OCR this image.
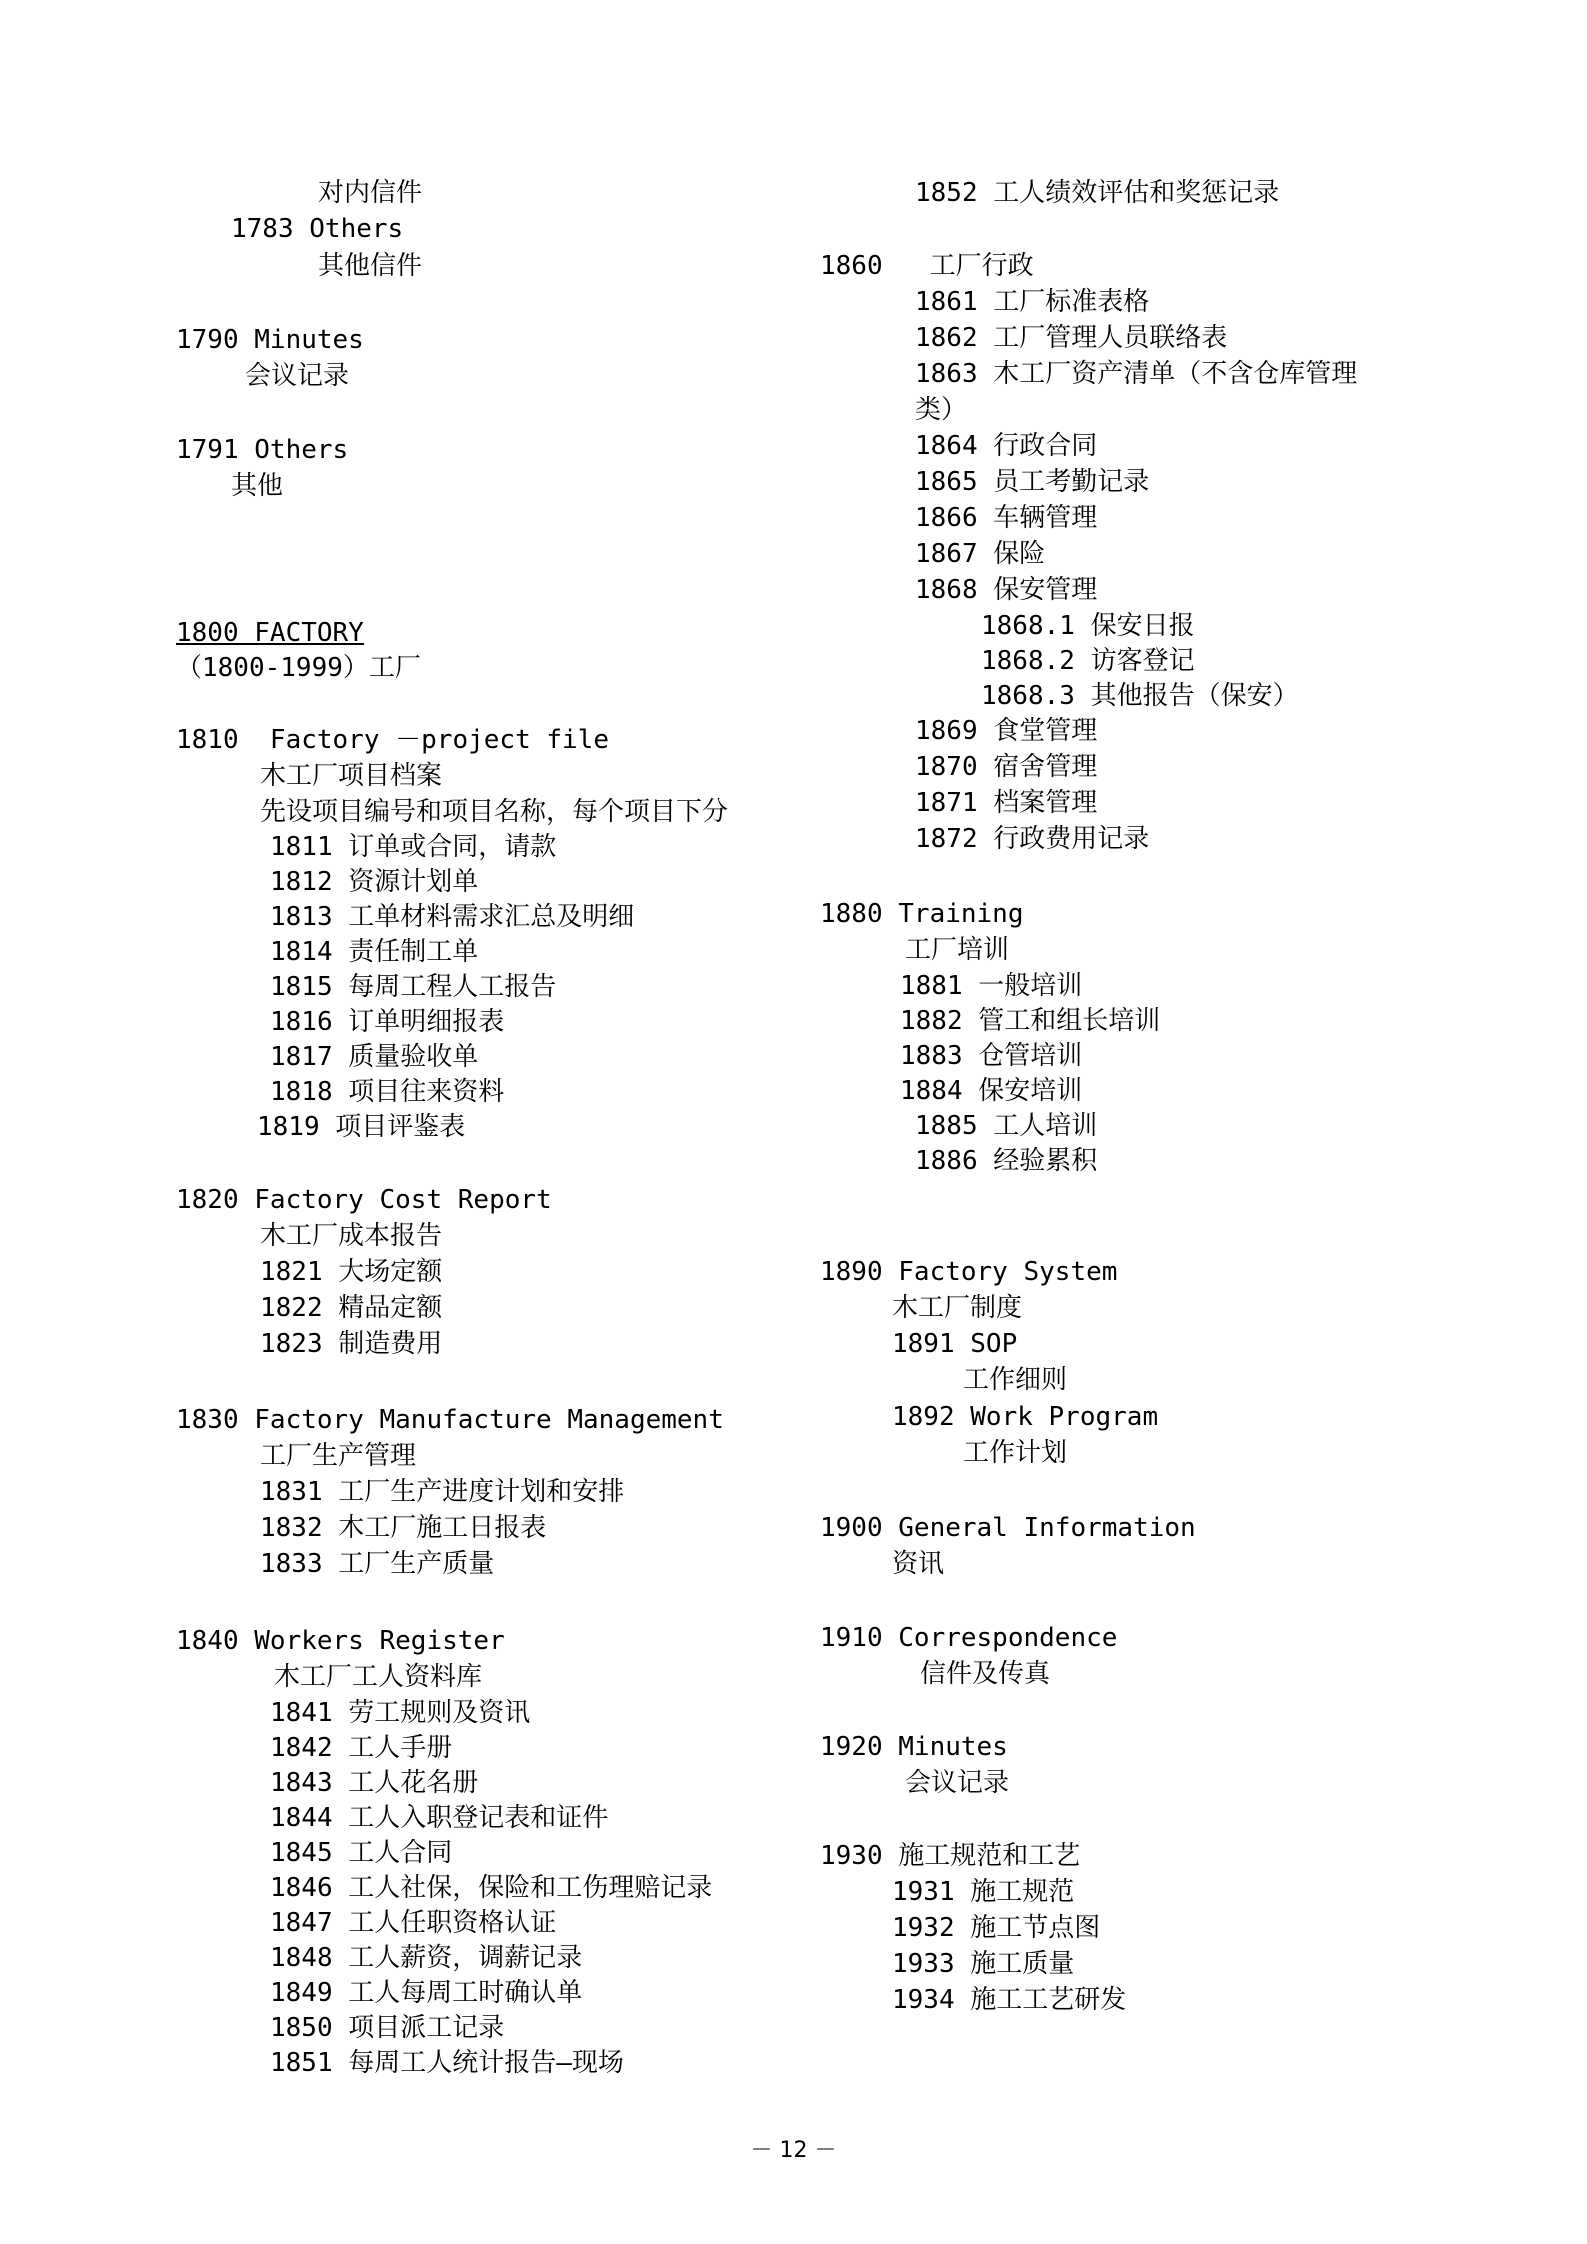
对内信件
1783 Others
其他信件
1790 Minutes
会议记录
1791 Others
其他
1800 FACTORY
（1800-1999）工厂
1810  Factory －project file
木工厂项目档案
先设项目编号和项目名称，每个项目下分
1811 订单或合同，请款
1812 资源计划单
1813 工单材料需求汇总及明细
1814 责任制工单
1815 每周工程人工报告
1816 订单明细报表
1817 质量验收单
1818 项目往来资料
1819 项目评鉴表
1820 Factory Cost Report
木工厂成本报告
1821 大场定额
1822 精品定额
1823 制造费用
1830 Factory Manufacture Management
工厂生产管理
1831 工厂生产进度计划和安排
1832 木工厂施工日报表
1833 工厂生产质量
1840 Workers Register
木工厂工人资料库
1841 劳工规则及资讯
1842 工人手册
1843 工人花名册
1844 工人入职登记表和证件
1845 工人合同
1846 工人社保，保险和工伤理赔记录
1847 工人任职资格认证
1848 工人薪资，调薪记录
1849 工人每周工时确认单
1850 项目派工记录
1851 每周工人统计报告—现场
1852 工人绩效评估和奖惩记录
1860   工厂行政
1861 工厂标准表格
1862 工厂管理人员联络表
1863 木工厂资产清单（不含仓库管理
类）
1864 行政合同
1865 员工考勤记录
1866 车辆管理
1867 保险
1868 保安管理
1868.1 保安日报
1868.2 访客登记
1868.3 其他报告（保安）
1869 食堂管理
1870 宿舍管理
1871 档案管理
1872 行政费用记录
1880 Training
工厂培训
1881 一般培训
1882 管工和组长培训
1883 仓管培训
1884 保安培训
1885 工人培训
1886 经验累积
1890 Factory System
木工厂制度
1891 SOP
工作细则
1892 Work Program
工作计划
1900 General Information
资讯
1910 Correspondence
信件及传真
1920 Minutes
会议记录
1930 施工规范和工艺
1931 施工规范
1932 施工节点图
1933 施工质量
1934 施工工艺研发
－ 12 －
